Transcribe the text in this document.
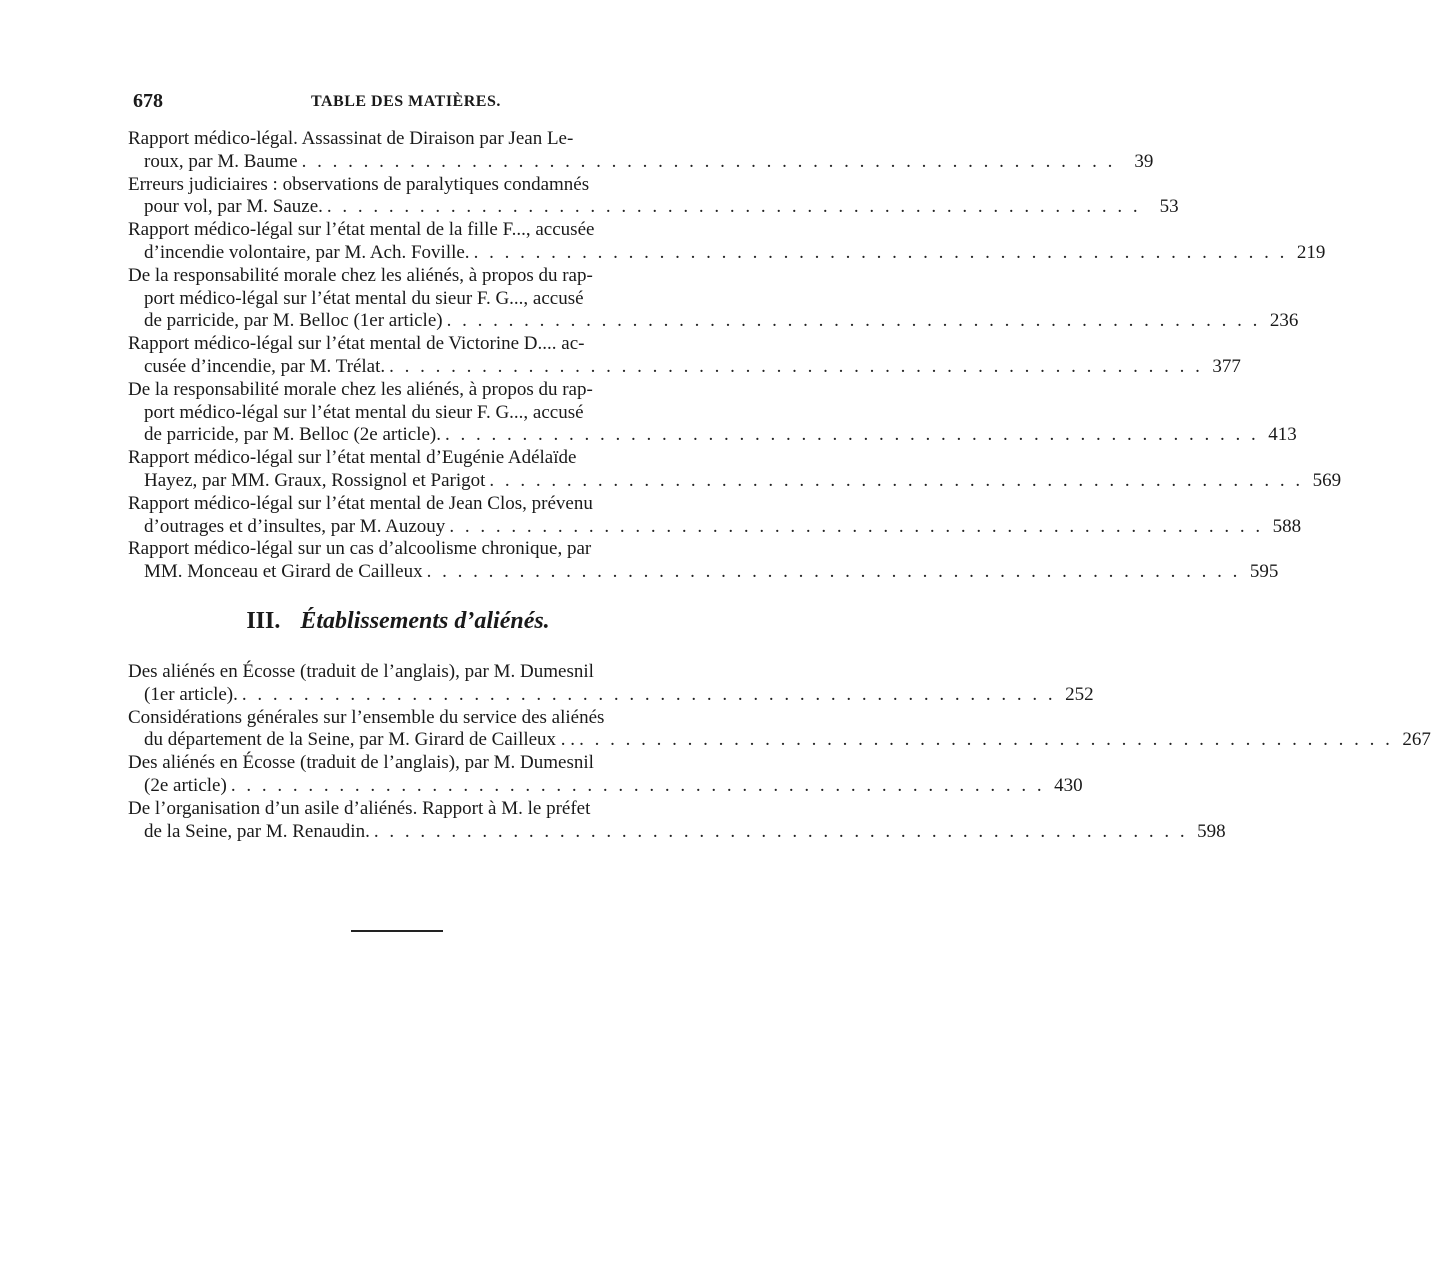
678	TABLE DES MATIÈRES.
Rapport médico-légal. Assassinat de Diraison par Jean Le-
roux, par M. Baume . . . . . . . . . . . . . . . . . . . . . . . . . . . . . . . . . . . . . . . . . . . . . . . . . . . . .	39
Erreurs judiciaires : observations de paralytiques condamnés
pour vol, par M. Sauze. . . . . . . . . . . . . . . . . . . . . . . . . . . . . . . . . . . . . . . . . . . . . . . . . . . . . .	53
Rapport médico-légal sur l’état mental de la fille F..., accusée
d’incendie volontaire, par M. Ach. Foville. . . . . . . . . . . . . . . . . . . . . . . . . . . . . . . . . . . . . . . . . . . . . . . . . . . . . . 219
De la responsabilité morale chez les aliénés, à propos du rap-
port médico-légal sur l’état mental du sieur F. G..., accusé
de parricide, par M. Belloc (1er article) . . . . . . . . . . . . . . . . . . . . . . . . . . . . . . . . . . . . . . . . . . . . . . . . . . . . . 236
Rapport médico-légal sur l’état mental de Victorine D.... ac-
cusée d’incendie, par M. Trélat. . . . . . . . . . . . . . . . . . . . . . . . . . . . . . . . . . . . . . . . . . . . . . . . . . . . . . 377
De la responsabilité morale chez les aliénés, à propos du rap-
port médico-légal sur l’état mental du sieur F. G..., accusé
de parricide, par M. Belloc (2e article). . . . . . . . . . . . . . . . . . . . . . . . . . . . . . . . . . . . . . . . . . . . . . . . . . . . . . 413
Rapport médico-légal sur l’état mental d’Eugénie Adélaïde
Hayez, par MM. Graux, Rossignol et Parigot . . . . . . . . . . . . . . . . . . . . . . . . . . . . . . . . . . . . . . . . . . . . . . . . . . . . . 569
Rapport médico-légal sur l’état mental de Jean Clos, prévenu
d’outrages et d’insultes, par M. Auzouy . . . . . . . . . . . . . . . . . . . . . . . . . . . . . . . . . . . . . . . . . . . . . . . . . . . . . 588
Rapport médico-légal sur un cas d’alcoolisme chronique, par
MM. Monceau et Girard de Cailleux . . . . . . . . . . . . . . . . . . . . . . . . . . . . . . . . . . . . . . . . . . . . . . . . . . . . . 595
III. Établissements d’aliénés.
Des aliénés en Écosse (traduit de l’anglais), par M. Dumesnil
(1er article). . . . . . . . . . . . . . . . . . . . . . . . . . . . . . . . . . . . . . . . . . . . . . . . . . . . . . 252
Considérations générales sur l’ensemble du service des aliénés
du département de la Seine, par M. Girard de Cailleux . . . . . . . . . . . . . . . . . . . . . . . . . . . . . . . . . . . . . . . . . . . . . . . . . . . . . . . 267
Des aliénés en Écosse (traduit de l’anglais), par M. Dumesnil
(2e article) . . . . . . . . . . . . . . . . . . . . . . . . . . . . . . . . . . . . . . . . . . . . . . . . . . . . . 430
De l’organisation d’un asile d’aliénés. Rapport à M. le préfet
de la Seine, par M. Renaudin. . . . . . . . . . . . . . . . . . . . . . . . . . . . . . . . . . . . . . . . . . . . . . . . . . . . . . 598
